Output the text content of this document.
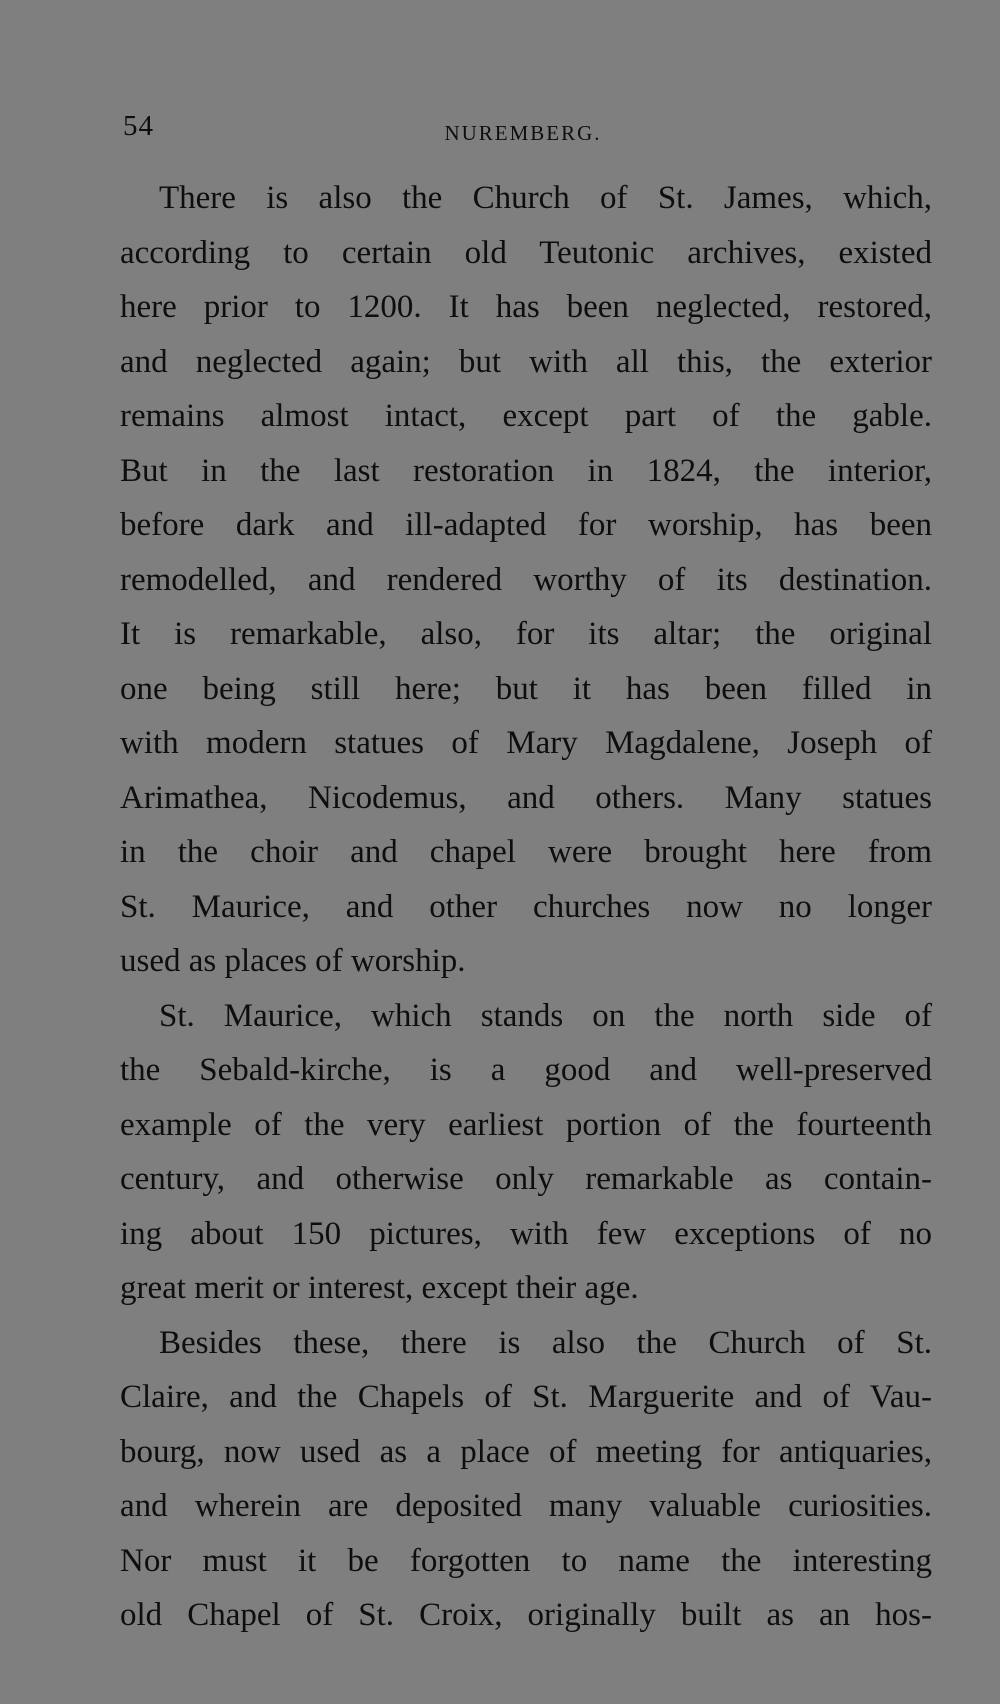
54	NUREMBERG.
There is also the Church of St. James, which,
according to certain old Teutonic archives, existed
here prior to 1200. It has been neglected, restored,
and neglected again; but with all this, the exterior
remains almost intact, except part of the gable.
But in the last restoration in 1824, the interior,
before dark and ill-adapted for worship, has been
remodelled, and rendered worthy of its destination.
It is remarkable, also, for its altar; the original
one being still here; but it has been filled in
with modern statues of Mary Magdalene, Joseph of
Arimathea, Nicodemus, and others. Many statues
in the choir and chapel were brought here from
St. Maurice, and other churches now no longer
used as places of worship.
St. Maurice, which stands on the north side of
the Sebald-kirche, is a good and well-preserved
example of the very earliest portion of the fourteenth
century, and otherwise only remarkable as contain-
ing about 150 pictures, with few exceptions of no
great merit or interest, except their age.
Besides these, there is also the Church of St.
Claire, and the Chapels of St. Marguerite and of Vau-
bourg, now used as a place of meeting for antiquaries,
and wherein are deposited many valuable curiosities.
Nor must it be forgotten to name the interesting
old Chapel of St. Croix, originally built as an hos-
